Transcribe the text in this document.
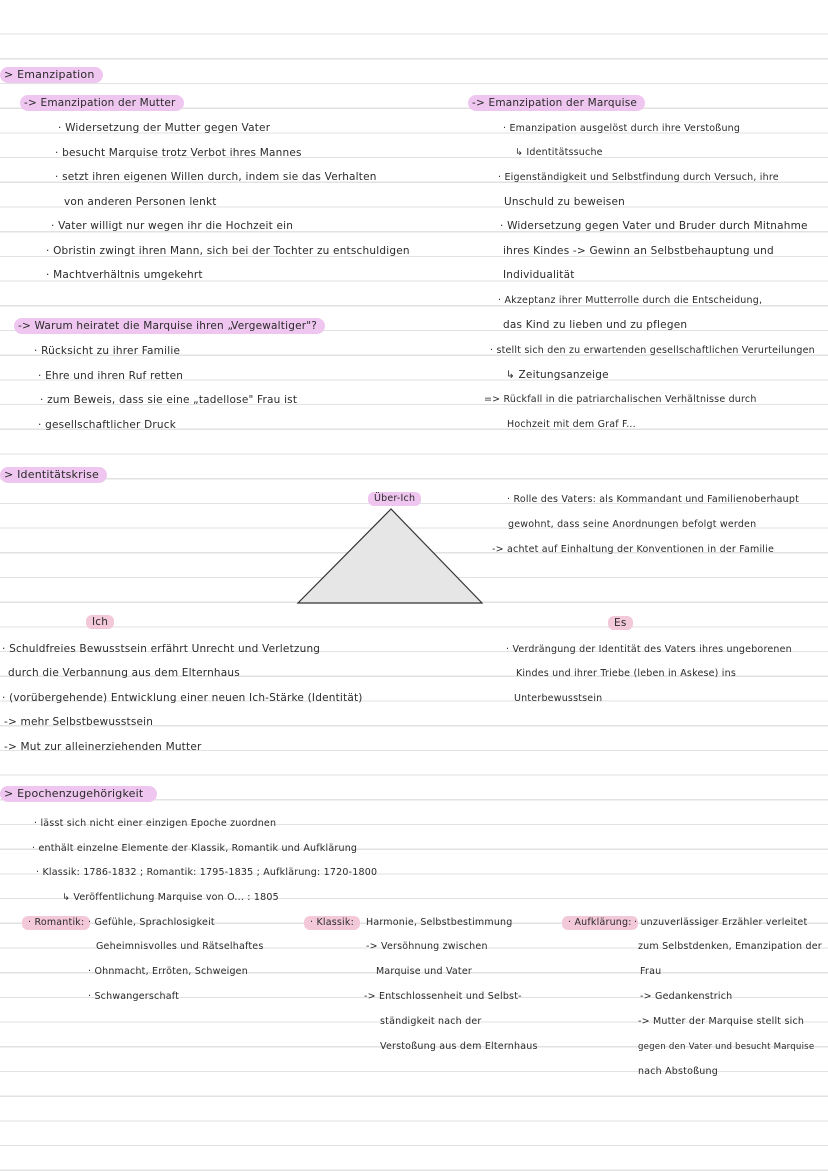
> Emanzipation
-> Emanzipation der Mutter
· Widersetzung der Mutter gegen Vater
· besucht Marquise trotz Verbot ihres Mannes
· setzt ihren eigenen Willen durch, indem sie das Verhalten
von anderen Personen lenkt
· Vater willigt nur wegen ihr die Hochzeit ein
· Obristin zwingt ihren Mann, sich bei der Tochter zu entschuldigen
· Machtverhältnis umgekehrt
-> Warum heiratet die Marquise ihren „Vergewaltiger"?
· Rücksicht zu ihrer Familie
· Ehre und ihren Ruf retten
· zum Beweis, dass sie eine „tadellose" Frau ist
· gesellschaftlicher Druck
-> Emanzipation der Marquise
· Emanzipation ausgelöst durch ihre Verstoßung
↳ Identitätssuche
· Eigenständigkeit und Selbstfindung durch Versuch, ihre
Unschuld zu beweisen
· Widersetzung gegen Vater und Bruder durch Mitnahme
ihres Kindes -> Gewinn an Selbstbehauptung und
Individualität
· Akzeptanz ihrer Mutterrolle durch die Entscheidung,
das Kind zu lieben und zu pflegen
· stellt sich den zu erwartenden gesellschaftlichen Verurteilungen
↳ Zeitungsanzeige
=> Rückfall in die patriarchalischen Verhältnisse durch
Hochzeit mit dem Graf F...
> Identitätskrise
Über-Ich	· Rolle des Vaters: als Kommandant und Familienoberhaupt
gewohnt, dass seine Anordnungen befolgt werden
-> achtet auf Einhaltung der Konventionen in der Familie
Ich
· Schuldfreies Bewusstsein erfährt Unrecht und Verletzung
durch die Verbannung aus dem Elternhaus
· (vorübergehende) Entwicklung einer neuen Ich-Stärke (Identität)
-> mehr Selbstbewusstsein
-> Mut zur alleinerziehenden Mutter
Es
· Verdrängung der Identität des Vaters ihres ungeborenen
Kindes und ihrer Triebe (leben in Askese) ins
Unterbewusstsein
> Epochenzugehörigkeit
· lässt sich nicht einer einzigen Epoche zuordnen
· enthält einzelne Elemente der Klassik, Romantik und Aufklärung
· Klassik: 1786-1832 ; Romantik: 1795-1835 ; Aufklärung: 1720-1800
↳ Veröffentlichung Marquise von O... : 1805
· Romantik: · Gefühle, Sprachlosigkeit
Geheimnisvolles und Rätselhaftes
· Ohnmacht, Erröten, Schweigen
· Schwangerschaft
· Klassik:	Harmonie, Selbstbestimmung
-> Versöhnung zwischen
Marquise und Vater
-> Entschlossenheit und Selbst-
ständigkeit nach der
Verstoßung aus dem Elternhaus
· Aufklärung: · unzuverlässiger Erzähler verleitet
zum Selbstdenken, Emanzipation der
Frau
-> Gedankenstrich
-> Mutter der Marquise stellt sich
gegen den Vater und besucht Marquise
nach Abstoßung
